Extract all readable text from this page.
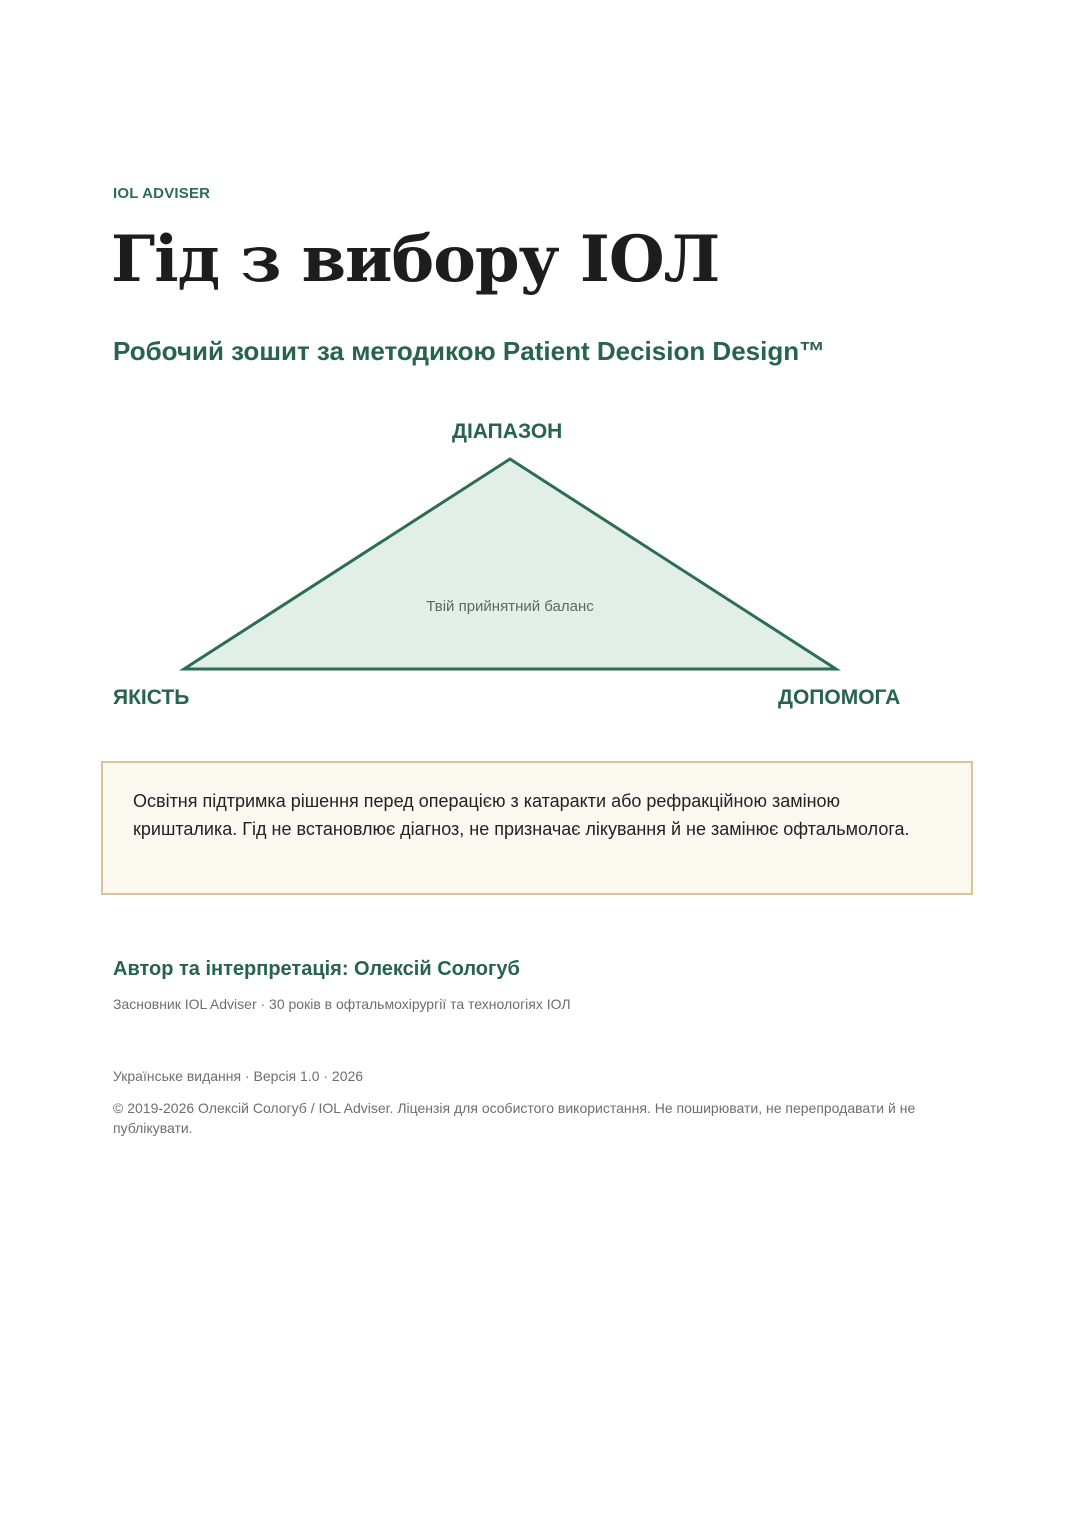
IOL ADVISER
Гід з вибору ІОЛ
Робочий зошит за методикою Patient Decision Design™
ДІАПАЗОН
ЯКІСТЬ	ДОПОМОГА
Твій прийнятний баланс

Освітня підтримка рішення перед операцією з катаракти або рефракційною заміною кришталика. Гід не встановлює діагноз, не призначає лікування й не замінює офтальмолога.

Автор та інтерпретація: Олексій Сологуб
Засновник IOL Adviser · 30 років в офтальмохірургії та технологіях ІОЛ
Українське видання · Версія 1.0 · 2026
© 2019-2026 Олексій Сологуб / IOL Adviser. Ліцензія для особистого використання. Не поширювати, не перепродавати й не публікувати.
